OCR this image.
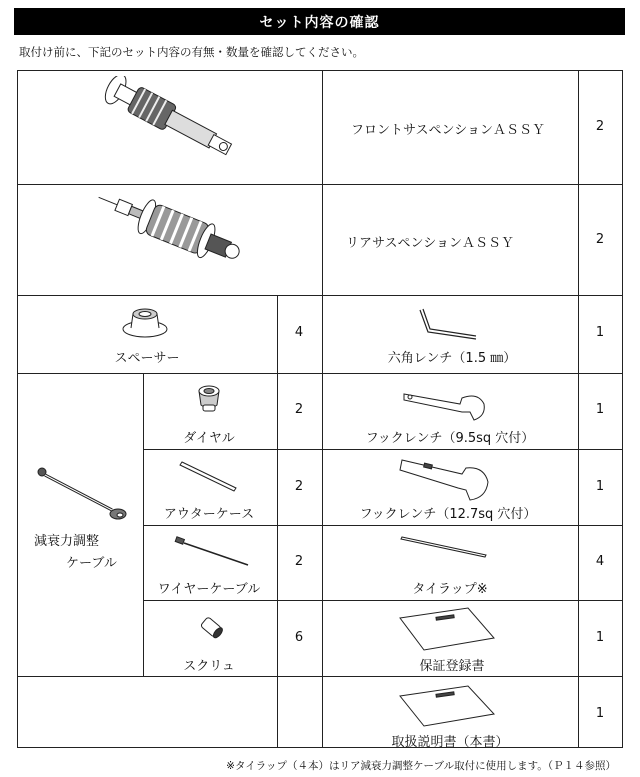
セット内容の確認
取付け前に、下記のセット内容の有無・数量を確認してください。
フロントサスペンションＡＳＳＹ	2
リアサスペンションＡＳＳＹ	2
スペーサー
4
六角レンチ（1.5 ㎜）
1
減衰力調整
ケーブル
ダイヤル
2
フックレンチ（9.5sq 穴付）
1
アウターケース
2
フックレンチ（12.7sq 穴付）
1
ワイヤーケーブル
2
タイラップ※
4
スクリュ
6
保証登録書
1
取扱説明書（本書）
1
※タイラップ（４本）はリア減衰力調整ケーブル取付に使用します。（Ｐ１４参照）
